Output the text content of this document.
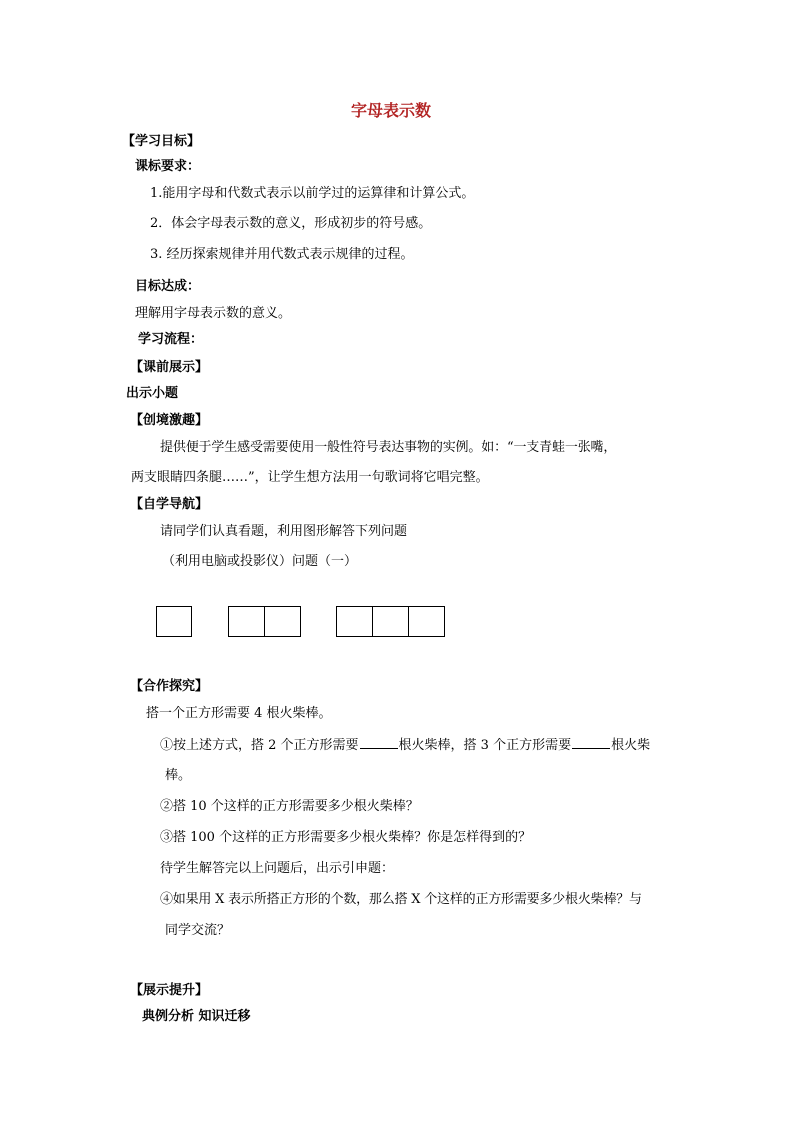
字母表示数
【学习目标】
课标要求：
1.能用字母和代数式表示以前学过的运算律和计算公式。
2．体会字母表示数的意义，形成初步的符号感。
3. 经历探索规律并用代数式表示规律的过程。
目标达成：
理解用字母表示数的意义。
学习流程：
【课前展示】
出示小题
【创境激趣】
提供便于学生感受需要使用一般性符号表达事物的实例。如：“一支青蛙一张嘴，
两支眼睛四条腿……”，让学生想方法用一句歌词将它唱完整。
【自学导航】
请同学们认真看题，利用图形解答下列问题
（利用电脑或投影仪）问题（一）
【合作探究】
搭一个正方形需要 4 根火柴棒。
①按上述方式，搭 2 个正方形需要	根火柴棒，搭 3 个正方形需要	根火柴
棒。
②搭 10 个这样的正方形需要多少根火柴棒？
③搭 100 个这样的正方形需要多少根火柴棒？你是怎样得到的？
待学生解答完以上问题后，出示引申题：
④如果用 X 表示所搭正方形的个数，那么搭 X 个这样的正方形需要多少根火柴棒？与
同学交流？
【展示提升】
典例分析 知识迁移
